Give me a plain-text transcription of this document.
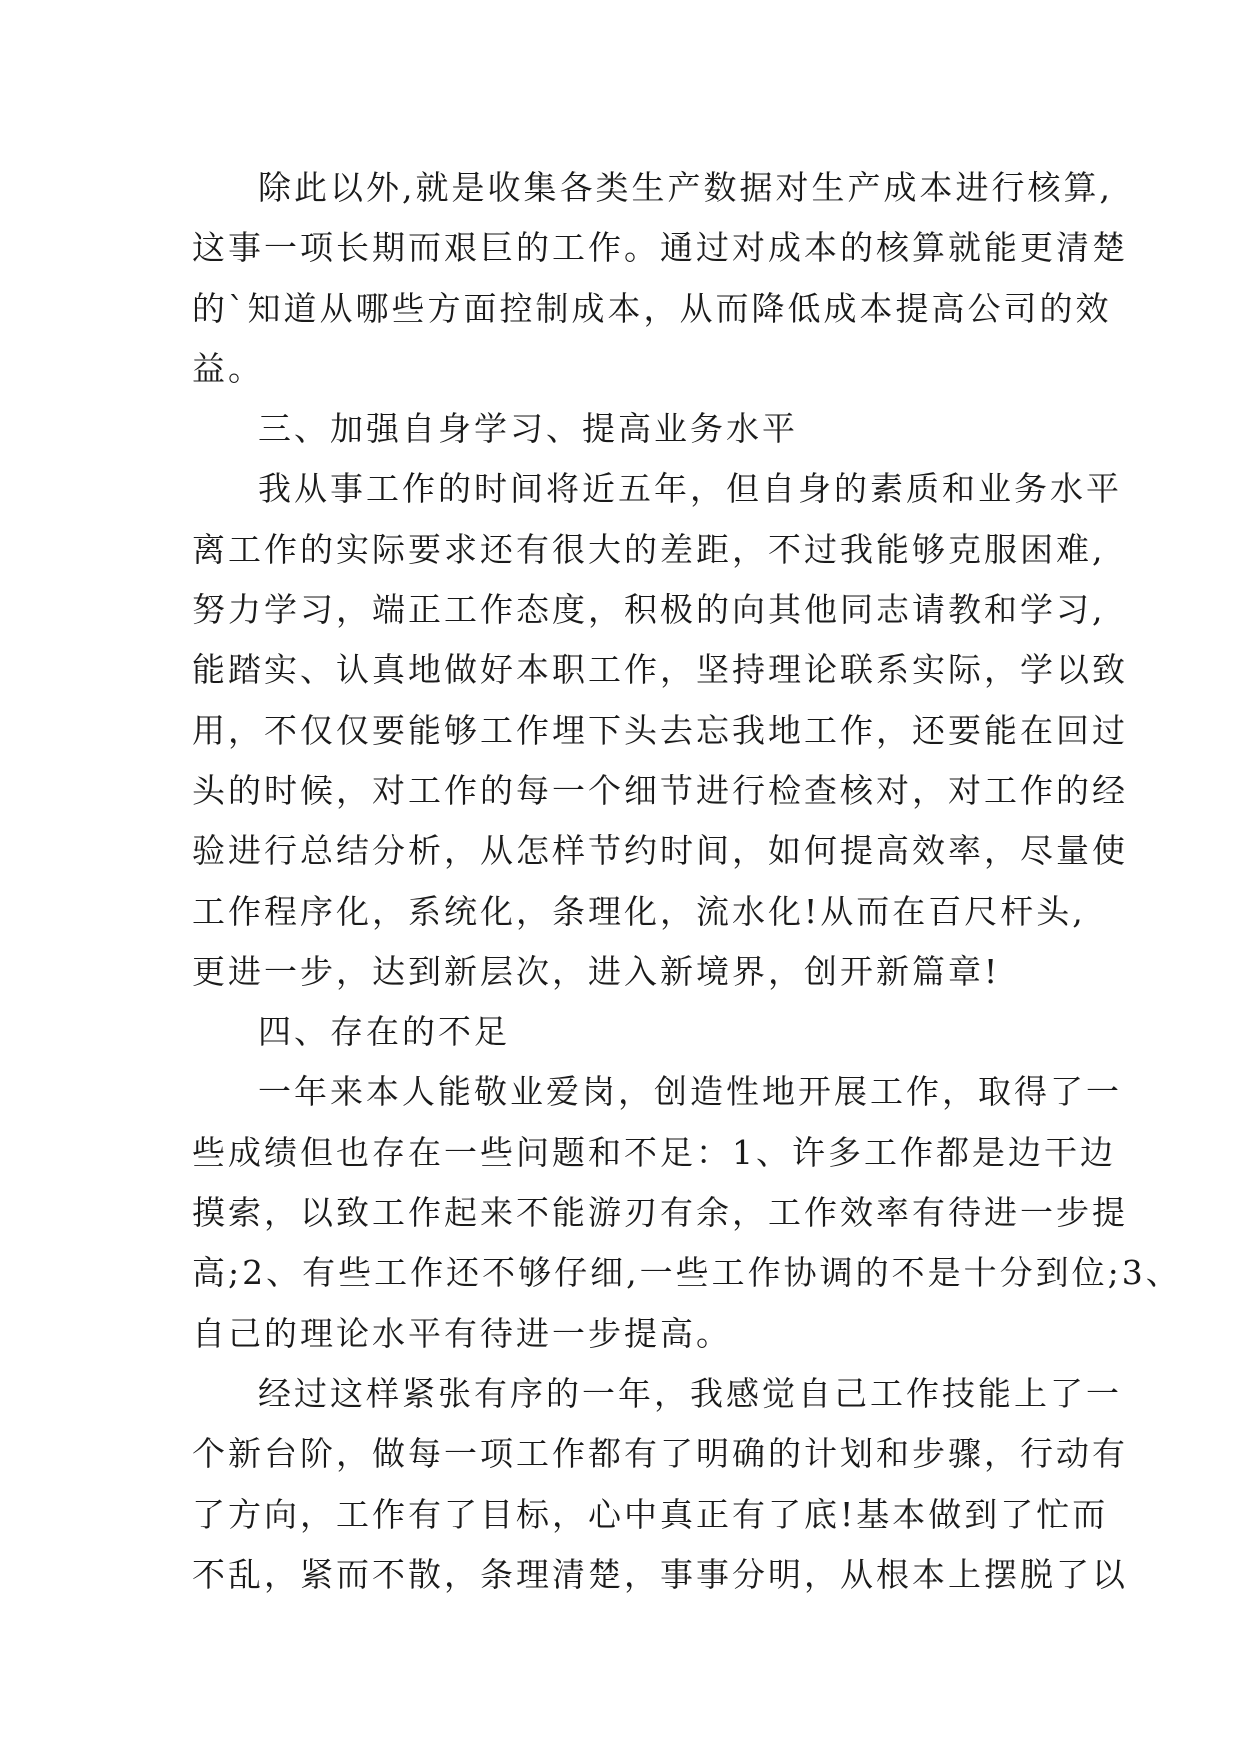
除此以外,就是收集各类生产数据对生产成本进行核算,
这事一项长期而艰巨的工作。通过对成本的核算就能更清楚
的`知道从哪些方面控制成本，从而降低成本提高公司的效
益。
三、加强自身学习、提高业务水平
我从事工作的时间将近五年，但自身的素质和业务水平
离工作的实际要求还有很大的差距，不过我能够克服困难,
努力学习，端正工作态度，积极的向其他同志请教和学习,
能踏实、认真地做好本职工作，坚持理论联系实际，学以致
用，不仅仅要能够工作埋下头去忘我地工作，还要能在回过
头的时候，对工作的每一个细节进行检查核对，对工作的经
验进行总结分析，从怎样节约时间，如何提高效率，尽量使
工作程序化，系统化，条理化，流水化!从而在百尺杆头,
更进一步，达到新层次，进入新境界，创开新篇章!
四、存在的不足
一年来本人能敬业爱岗，创造性地开展工作，取得了一
些成绩但也存在一些问题和不足：1、许多工作都是边干边
摸索，以致工作起来不能游刃有余，工作效率有待进一步提
高;2、有些工作还不够仔细,一些工作协调的不是十分到位;3、
自己的理论水平有待进一步提高。
经过这样紧张有序的一年，我感觉自己工作技能上了一
个新台阶，做每一项工作都有了明确的计划和步骤，行动有
了方向，工作有了目标，心中真正有了底!基本做到了忙而
不乱，紧而不散，条理清楚，事事分明，从根本上摆脱了以
